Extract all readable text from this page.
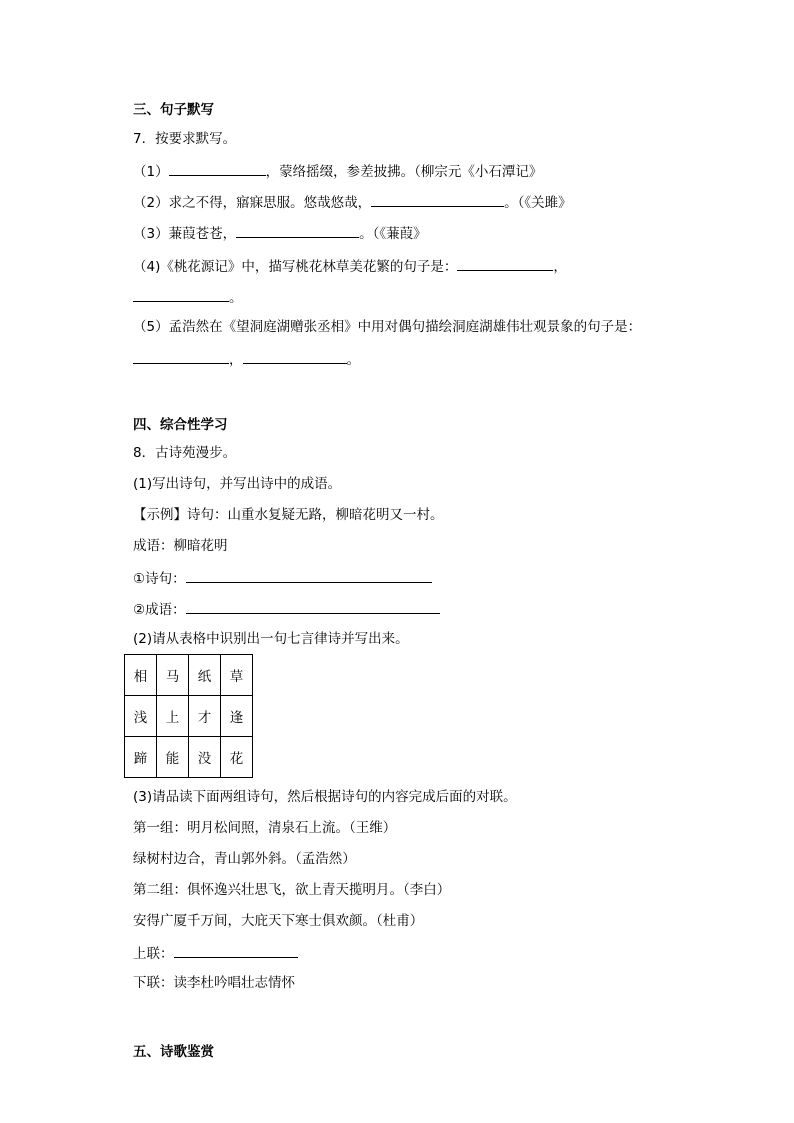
三、句子默写
7．按要求默写。
（1）	，蒙络摇缀，参差披拂。（柳宗元《小石潭记》
（2）求之不得，寤寐思服。悠哉悠哉，	。（《关雎》
（3）蒹葭苍苍，	。（《蒹葭》
（4)《桃花源记》中，描写桃花林草美花繁的句子是：	，
。
（5）孟浩然在《望洞庭湖赠张丞相》中用对偶句描绘洞庭湖雄伟壮观景象的句子是：
，	。
四、综合性学习
8．古诗苑漫步。
(1)写出诗句，并写出诗中的成语。
【示例】诗句：山重水复疑无路，柳暗花明又一村。
成语：柳暗花明
①诗句：
②成语：
(2)请从表格中识别出一句七言律诗并写出来。
相	马	纸	草
浅	上	才	逢
蹄	能	没	花
(3)请品读下面两组诗句，然后根据诗句的内容完成后面的对联。
第一组：明月松间照，清泉石上流。（王维）
绿树村边合，青山郭外斜。（孟浩然）
第二组：俱怀逸兴壮思飞，欲上青天揽明月。（李白）
安得广厦千万间，大庇天下寒士俱欢颜。（杜甫）
上联：
下联：读李杜吟唱壮志情怀
五、诗歌鉴赏
